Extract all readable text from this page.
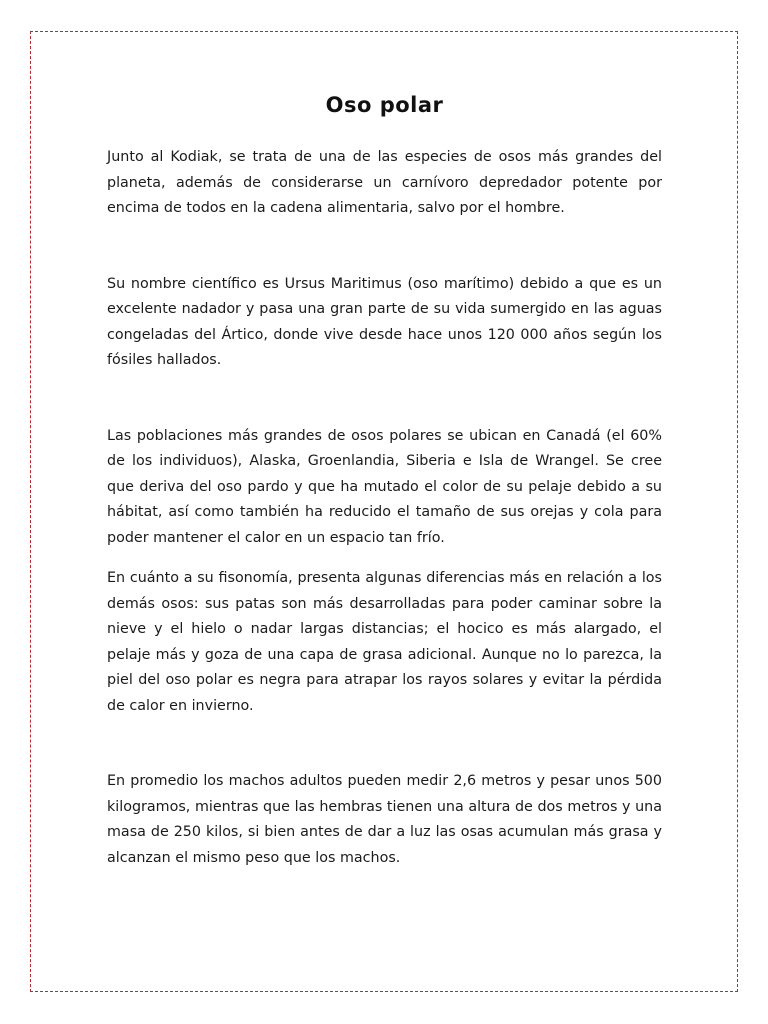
Oso polar

Junto al Kodiak, se trata de una de las especies de osos más grandes del planeta, además de considerarse un carnívoro depredador potente por encima de todos en la cadena alimentaria, salvo por el hombre.

Su nombre científico es Ursus Maritimus (oso marítimo) debido a que es un excelente nadador y pasa una gran parte de su vida sumergido en las aguas congeladas del Ártico, donde vive desde hace unos 120 000 años según los fósiles hallados.

Las poblaciones más grandes de osos polares se ubican en Canadá (el 60% de los individuos), Alaska, Groenlandia, Siberia e Isla de Wrangel. Se cree que deriva del oso pardo y que ha mutado el color de su pelaje debido a su hábitat, así como también ha reducido el tamaño de sus orejas y cola para poder mantener el calor en un espacio tan frío.

En cuánto a su fisonomía, presenta algunas diferencias más en relación a los demás osos: sus patas son más desarrolladas para poder caminar sobre la nieve y el hielo o nadar largas distancias; el hocico es más alargado, el pelaje más y goza de una capa de grasa adicional. Aunque no lo parezca, la piel del oso polar es negra para atrapar los rayos solares y evitar la pérdida de calor en invierno.

En promedio los machos adultos pueden medir 2,6 metros y pesar unos 500 kilogramos, mientras que las hembras tienen una altura de dos metros y una masa de 250 kilos, si bien antes de dar a luz las osas acumulan más grasa y alcanzan el mismo peso que los machos.
